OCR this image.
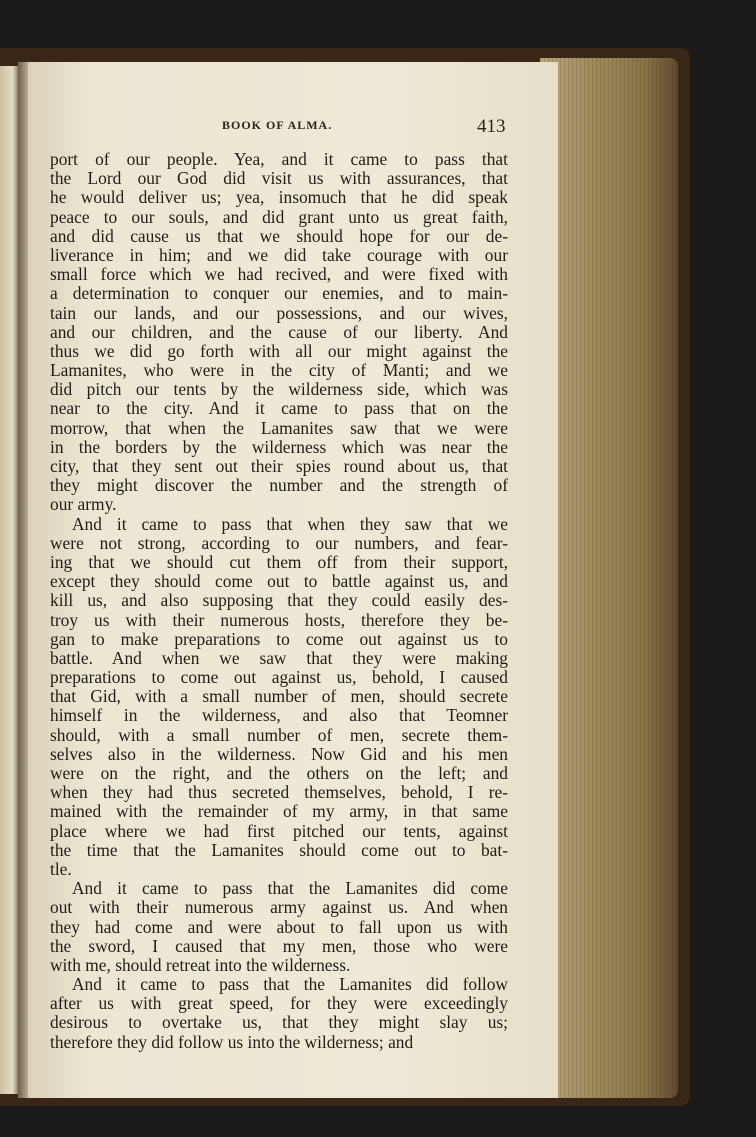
BOOK OF ALMA.	413
port of our people. Yea, and it came to pass that
the Lord our God did visit us with assurances, that
he would deliver us; yea, insomuch that he did speak
peace to our souls, and did grant unto us great faith,
and did cause us that we should hope for our de-
liverance in him; and we did take courage with our
small force which we had recived, and were fixed with
a determination to conquer our enemies, and to main-
tain our lands, and our possessions, and our wives,
and our children, and the cause of our liberty. And
thus we did go forth with all our might against the
Lamanites, who were in the city of Manti; and we
did pitch our tents by the wilderness side, which was
near to the city. And it came to pass that on the
morrow, that when the Lamanites saw that we were
in the borders by the wilderness which was near the
city, that they sent out their spies round about us, that
they might discover the number and the strength of
our army.
And it came to pass that when they saw that we
were not strong, according to our numbers, and fear-
ing that we should cut them off from their support,
except they should come out to battle against us, and
kill us, and also supposing that they could easily des-
troy us with their numerous hosts, therefore they be-
gan to make preparations to come out against us to
battle. And when we saw that they were making
preparations to come out against us, behold, I caused
that Gid, with a small number of men, should secrete
himself in the wilderness, and also that Teomner
should, with a small number of men, secrete them-
selves also in the wilderness. Now Gid and his men
were on the right, and the others on the left; and
when they had thus secreted themselves, behold, I re-
mained with the remainder of my army, in that same
place where we had first pitched our tents, against
the time that the Lamanites should come out to bat-
tle.
And it came to pass that the Lamanites did come
out with their numerous army against us. And when
they had come and were about to fall upon us with
the sword, I caused that my men, those who were
with me, should retreat into the wilderness.
And it came to pass that the Lamanites did follow
after us with great speed, for they were exceedingly
desirous to overtake us, that they might slay us;
therefore they did follow us into the wilderness; and
